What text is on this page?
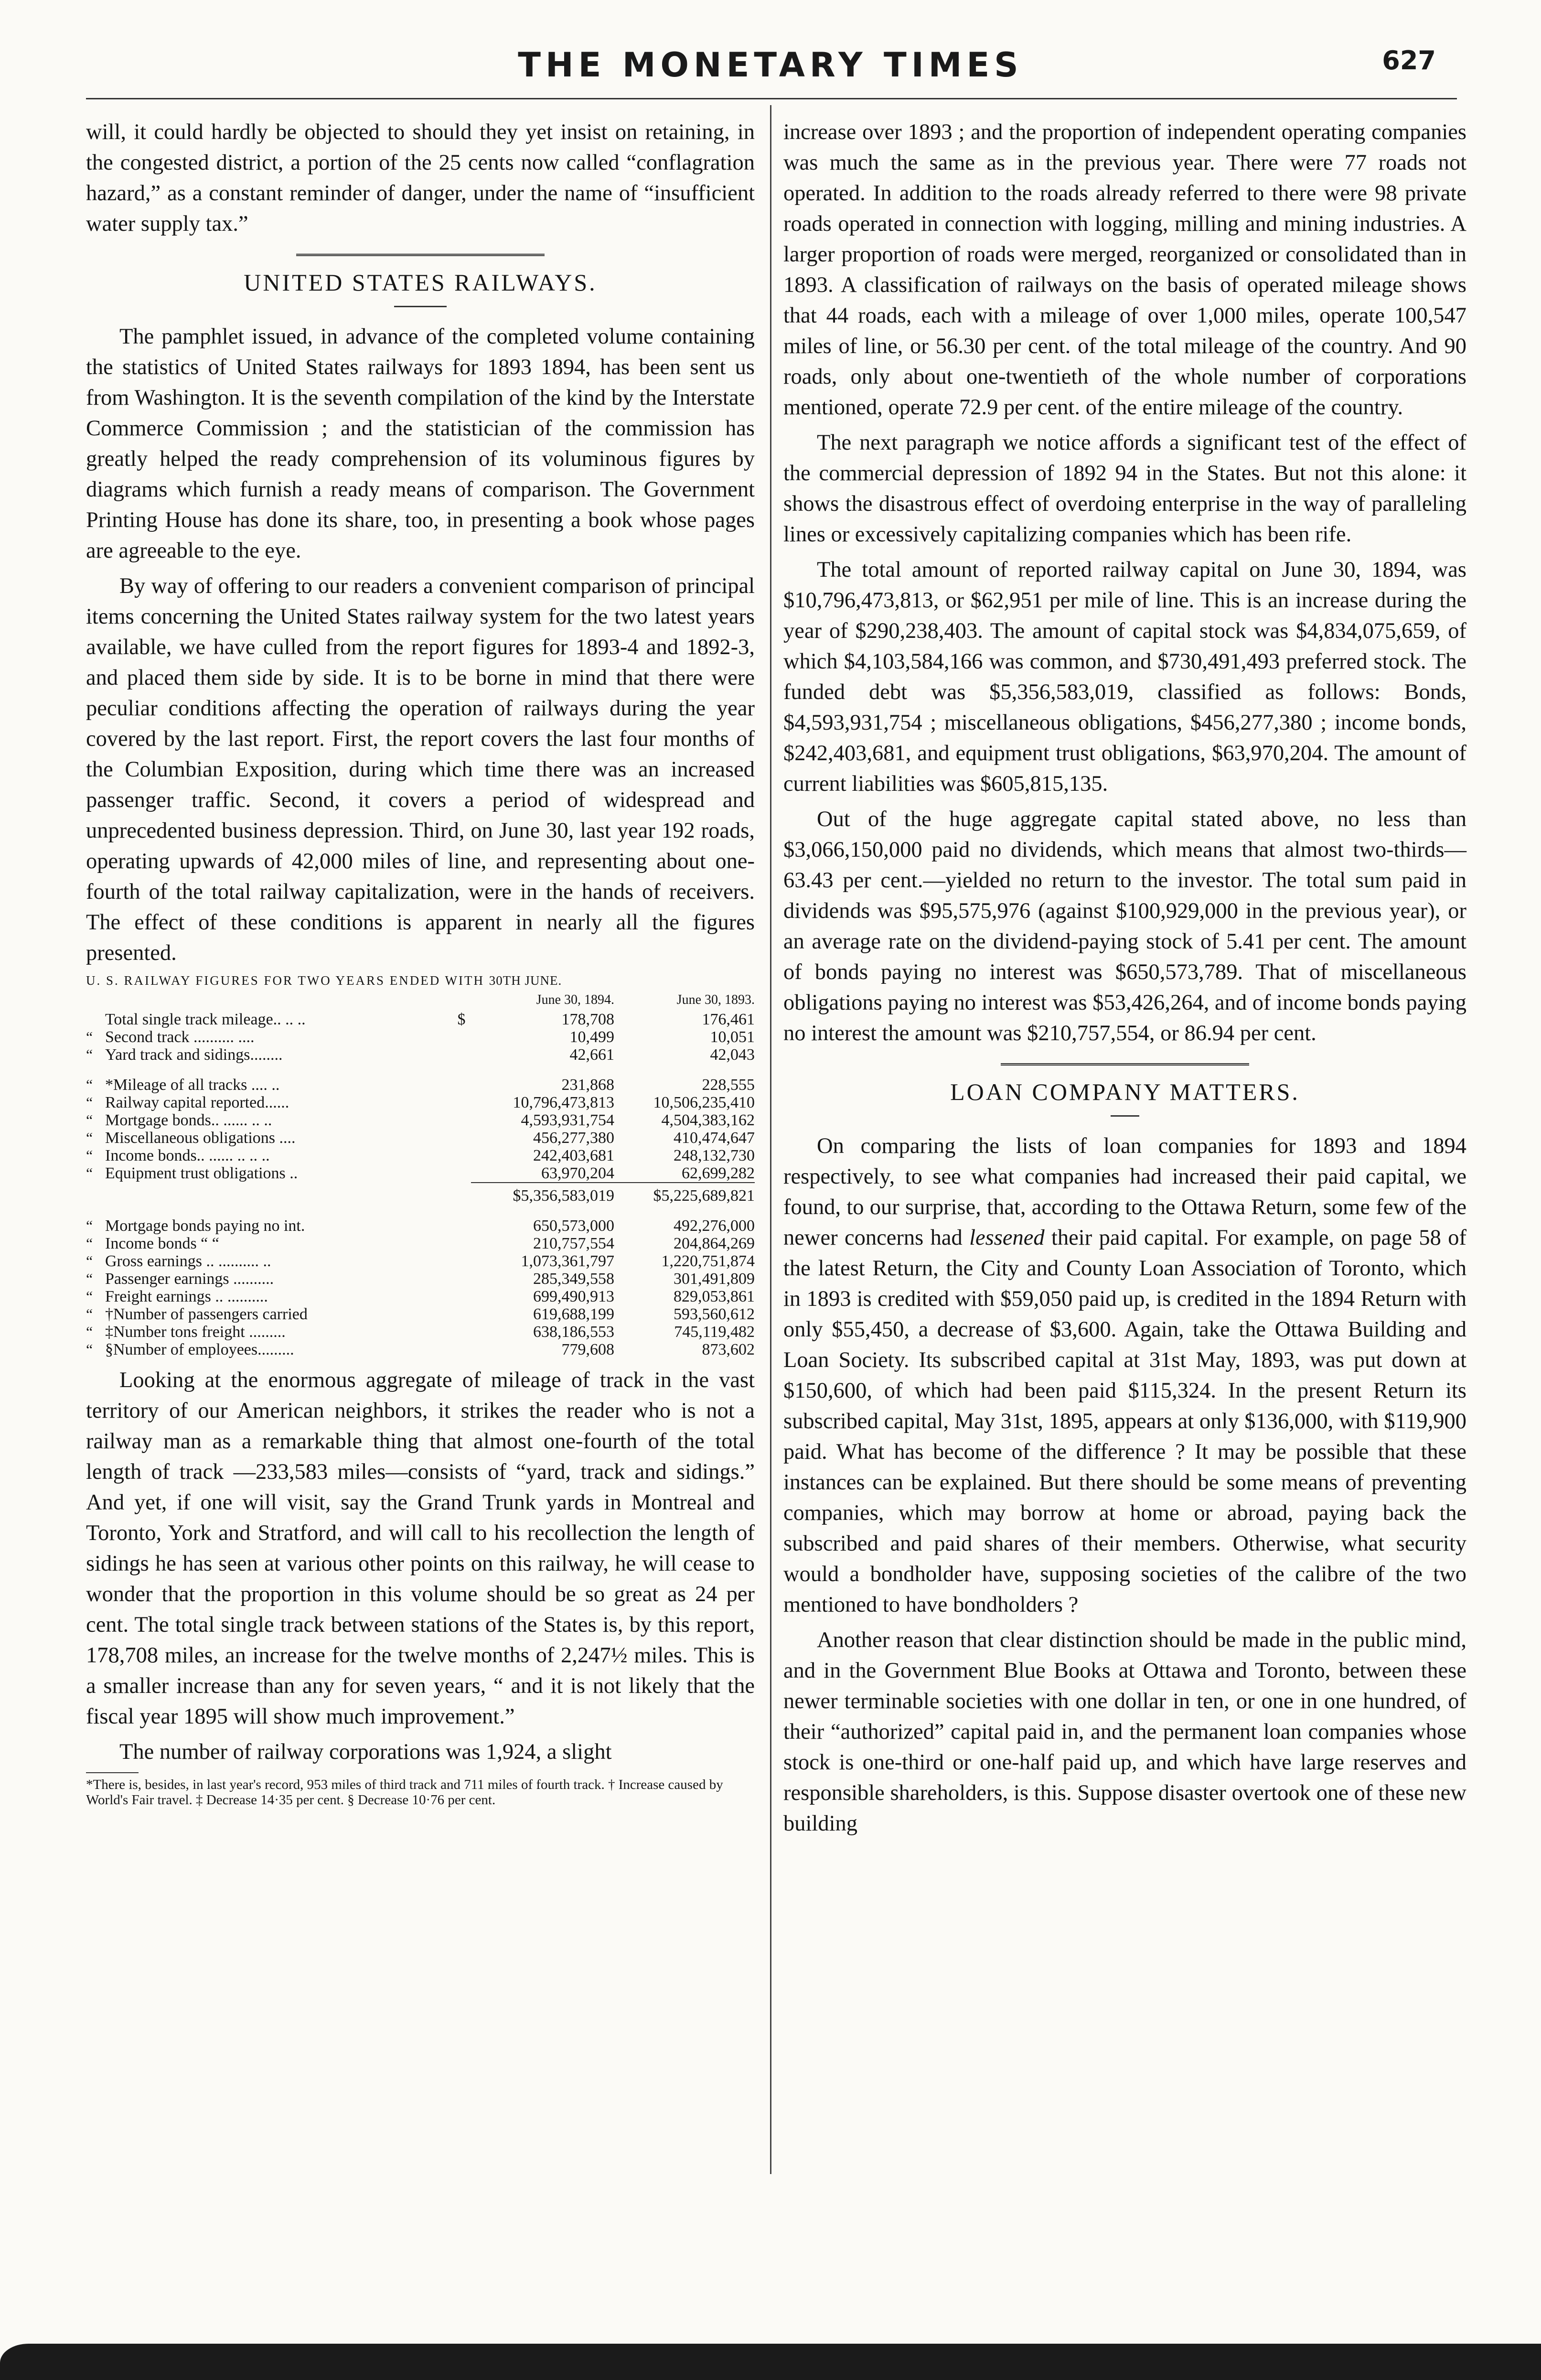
THE MONETARY TIMES	627

will, it could hardly be objected to should they yet insist on retaining, in the congested district, a portion of the 25 cents now called “conflagration hazard,” as a constant reminder of danger, under the name of “insufficient water supply tax.”

UNITED STATES RAILWAYS.

The pamphlet issued, in advance of the completed volume containing the statistics of United States railways for 1893 1894, has been sent us from Washington. It is the seventh compilation of the kind by the Interstate Commerce Commission ; and the statistician of the commission has greatly helped the ready comprehension of its voluminous figures by diagrams which furnish a ready means of comparison. The Government Printing House has done its share, too, in presenting a book whose pages are agreeable to the eye.

By way of offering to our readers a convenient comparison of principal items concerning the United States railway system for the two latest years available, we have culled from the report figures for 1893-4 and 1892-3, and placed them side by side. It is to be borne in mind that there were peculiar conditions affecting the operation of railways during the year covered by the last report. First, the report covers the last four months of the Columbian Exposition, during which time there was an increased passenger traffic. Second, it covers a period of widespread and unprecedented business depression. Third, on June 30, last year 192 roads, operating upwards of 42,000 miles of line, and representing about one-fourth of the total railway capitalization, were in the hands of receivers. The effect of these conditions is apparent in nearly all the figures presented.

U. S. RAILWAY FIGURES FOR TWO YEARS ENDED WITH 30TH JUNE.
			June 30, 1894.	June 30, 1893.
	Total single track mileage.. .. ..	$	178,708	176,461
“	Second track .......... ....		10,499	10,051
“	Yard track and sidings........		42,661	42,043

“	*Mileage of all tracks .... ..		231,868	228,555
“	Railway capital reported......		10,796,473,813	10,506,235,410
“	Mortgage bonds.. ...... .. ..		4,593,931,754	4,504,383,162
“	Miscellaneous obligations ....		456,277,380	410,474,647
“	Income bonds.. ...... .. .. ..		242,403,681	248,132,730
“	Equipment trust obligations ..		63,970,204	62,699,282
			$5,356,583,019	$5,225,689,821

“	Mortgage bonds paying no int.		650,573,000	492,276,000
“	Income bonds “ “		210,757,554	204,864,269
“	Gross earnings .. .......... ..		1,073,361,797	1,220,751,874
“	Passenger earnings ..........		285,349,558	301,491,809
“	Freight earnings .. ..........		699,490,913	829,053,861
“	†Number of passengers carried		619,688,199	593,560,612
“	‡Number tons freight .........		638,186,553	745,119,482
“	§Number of employees.........		779,608	873,602

Looking at the enormous aggregate of mileage of track in the vast territory of our American neighbors, it strikes the reader who is not a railway man as a remarkable thing that almost one-fourth of the total length of track —233,583 miles—consists of “yard, track and sidings.” And yet, if one will visit, say the Grand Trunk yards in Montreal and Toronto, York and Stratford, and will call to his recollection the length of sidings he has seen at various other points on this railway, he will cease to wonder that the proportion in this volume should be so great as 24 per cent. The total single track between stations of the States is, by this report, 178,708 miles, an increase for the twelve months of 2,247½ miles. This is a smaller increase than any for seven years, “ and it is not likely that the fiscal year 1895 will show much improvement.”

The number of railway corporations was 1,924, a slight

*There is, besides, in last year's record, 953 miles of third track and 711 miles of fourth track. † Increase caused by World's Fair travel. ‡ Decrease 14·35 per cent. § Decrease 10·76 per cent.

increase over 1893 ; and the proportion of independent operating companies was much the same as in the previous year. There were 77 roads not operated. In addition to the roads already referred to there were 98 private roads operated in connection with logging, milling and mining industries. A larger proportion of roads were merged, reorganized or consolidated than in 1893. A classification of railways on the basis of operated mileage shows that 44 roads, each with a mileage of over 1,000 miles, operate 100,547 miles of line, or 56.30 per cent. of the total mileage of the country. And 90 roads, only about one-twentieth of the whole number of corporations mentioned, operate 72.9 per cent. of the entire mileage of the country.

The next paragraph we notice affords a significant test of the effect of the commercial depression of 1892 94 in the States. But not this alone: it shows the disastrous effect of overdoing enterprise in the way of paralleling lines or excessively capitalizing companies which has been rife.

The total amount of reported railway capital on June 30, 1894, was $10,796,473,813, or $62,951 per mile of line. This is an increase during the year of $290,238,403. The amount of capital stock was $4,834,075,659, of which $4,103,584,166 was common, and $730,491,493 preferred stock. The funded debt was $5,356,583,019, classified as follows: Bonds, $4,593,931,754 ; miscellaneous obligations, $456,277,380 ; income bonds, $242,403,681, and equipment trust obligations, $63,970,204. The amount of current liabilities was $605,815,135.

Out of the huge aggregate capital stated above, no less than $3,066,150,000 paid no dividends, which means that almost two-thirds—63.43 per cent.—yielded no return to the investor. The total sum paid in dividends was $95,575,976 (against $100,929,000 in the previous year), or an average rate on the dividend-paying stock of 5.41 per cent. The amount of bonds paying no interest was $650,573,789. That of miscellaneous obligations paying no interest was $53,426,264, and of income bonds paying no interest the amount was $210,757,554, or 86.94 per cent.

LOAN COMPANY MATTERS.

On comparing the lists of loan companies for 1893 and 1894 respectively, to see what companies had increased their paid capital, we found, to our surprise, that, according to the Ottawa Return, some few of the newer concerns had lessened their paid capital. For example, on page 58 of the latest Return, the City and County Loan Association of Toronto, which in 1893 is credited with $59,050 paid up, is credited in the 1894 Return with only $55,450, a decrease of $3,600. Again, take the Ottawa Building and Loan Society. Its subscribed capital at 31st May, 1893, was put down at $150,600, of which had been paid $115,324. In the present Return its subscribed capital, May 31st, 1895, appears at only $136,000, with $119,900 paid. What has become of the difference ? It may be possible that these instances can be explained. But there should be some means of preventing companies, which may borrow at home or abroad, paying back the subscribed and paid shares of their members. Otherwise, what security would a bondholder have, supposing societies of the calibre of the two mentioned to have bondholders ?

Another reason that clear distinction should be made in the public mind, and in the Government Blue Books at Ottawa and Toronto, between these newer terminable societies with one dollar in ten, or one in one hundred, of their “authorized” capital paid in, and the permanent loan companies whose stock is one-third or one-half paid up, and which have large reserves and responsible shareholders, is this. Suppose disaster overtook one of these new building
